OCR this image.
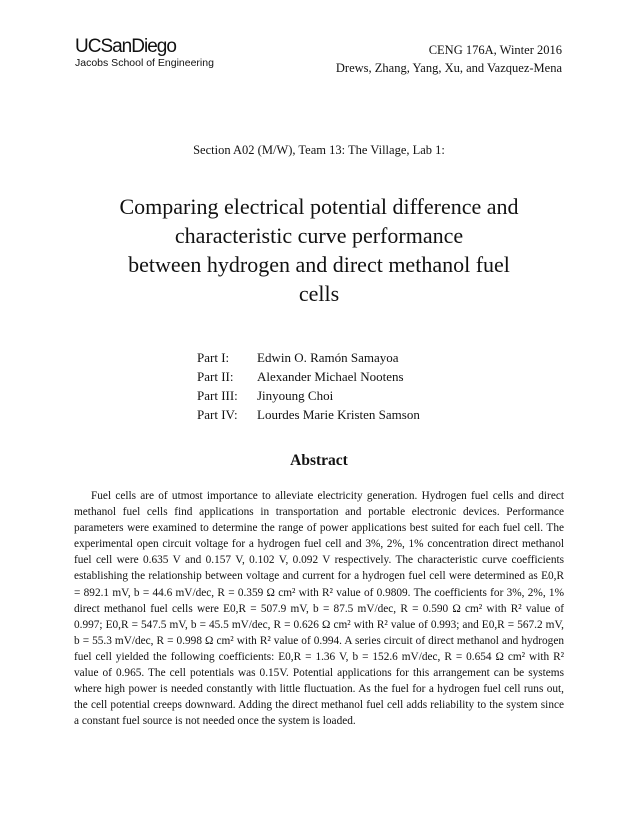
UCSanDiego
Jacobs School of Engineering
CENG 176A, Winter 2016
Drews, Zhang, Yang, Xu, and Vazquez-Mena
Section A02 (M/W), Team 13: The Village, Lab 1:
Comparing electrical potential difference and
characteristic curve performance
between hydrogen and direct methanol fuel
cells
Part I:	Edwin O. Ramón Samayoa
Part II:	Alexander Michael Nootens
Part III:	Jinyoung Choi
Part IV:	Lourdes Marie Kristen Samson
Abstract

Fuel cells are of utmost importance to alleviate electricity generation. Hydrogen fuel cells and direct methanol fuel cells find applications in transportation and portable electronic devices. Performance parameters were examined to determine the range of power applications best suited for each fuel cell. The experimental open circuit voltage for a hydrogen fuel cell and 3%, 2%, 1% concentration direct methanol fuel cell were 0.635 V and 0.157 V, 0.102 V, 0.092 V respectively. The characteristic curve coefficients establishing the relationship between voltage and current for a hydrogen fuel cell were determined as E0,R = 892.1 mV, b = 44.6 mV/dec, R = 0.359 Ω cm² with R² value of 0.9809. The coefficients for 3%, 2%, 1% direct methanol fuel cells were E0,R = 507.9 mV, b = 87.5 mV/dec, R = 0.590 Ω cm² with R² value of 0.997; E0,R = 547.5 mV, b = 45.5 mV/dec, R = 0.626 Ω cm² with R² value of 0.993; and E0,R = 567.2 mV, b = 55.3 mV/dec, R = 0.998 Ω cm² with R² value of 0.994. A series circuit of direct methanol and hydrogen fuel cell yielded the following coefficients: E0,R = 1.36 V, b = 152.6 mV/dec, R = 0.654 Ω cm² with R² value of 0.965. The cell potentials was 0.15V. Potential applications for this arrangement can be systems where high power is needed constantly with little fluctuation. As the fuel for a hydrogen fuel cell runs out, the cell potential creeps downward. Adding the direct methanol fuel cell adds reliability to the system since a constant fuel source is not needed once the system is loaded.
